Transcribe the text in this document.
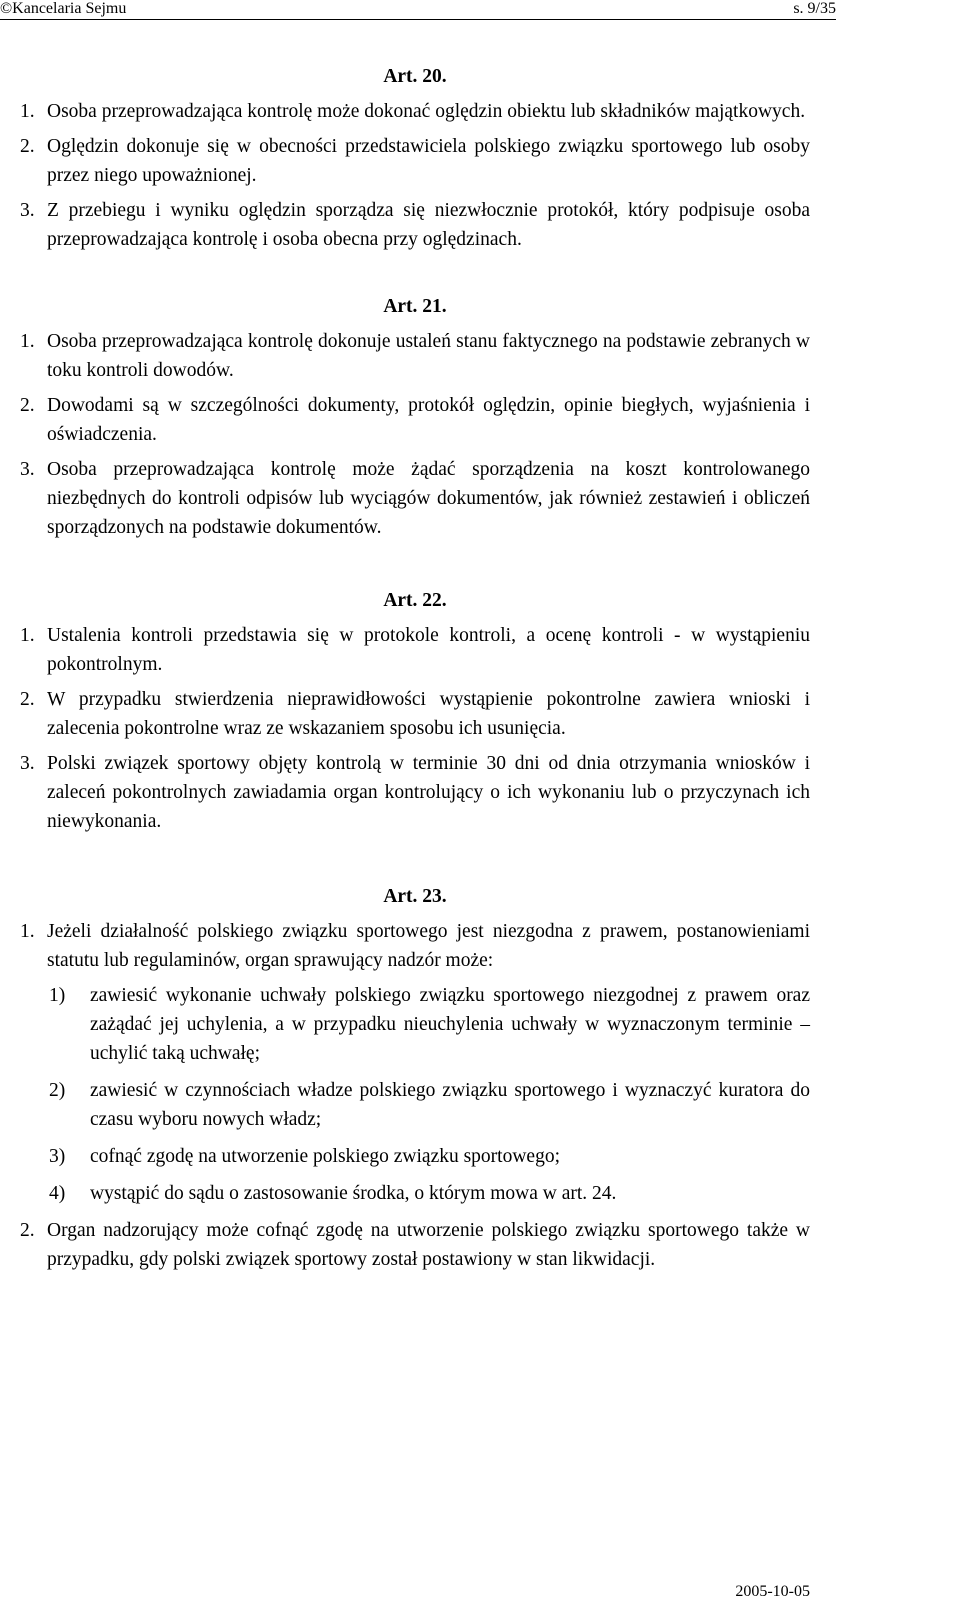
©Kancelaria Sejmu	s. 9/35
Art. 20.

1. Osoba przeprowadzająca kontrolę może dokonać oględzin obiektu lub składników majątkowych.

2. Oględzin dokonuje się w obecności przedstawiciela polskiego związku sportowego lub osoby przez niego upoważnionej.

3. Z przebiegu i wyniku oględzin sporządza się niezwłocznie protokół, który podpisuje osoba przeprowadzająca kontrolę i osoba obecna przy oględzinach.

Art. 21.

1. Osoba przeprowadzająca kontrolę dokonuje ustaleń stanu faktycznego na podstawie zebranych w toku kontroli dowodów.

2. Dowodami są w szczególności dokumenty, protokół oględzin, opinie biegłych, wyjaśnienia i oświadczenia.

3. Osoba przeprowadzająca kontrolę może żądać sporządzenia na koszt kontrolowanego niezbędnych do kontroli odpisów lub wyciągów dokumentów, jak również zestawień i obliczeń sporządzonych na podstawie dokumentów.

Art. 22.

1. Ustalenia kontroli przedstawia się w protokole kontroli, a ocenę kontroli - w wystąpieniu pokontrolnym.

2. W przypadku stwierdzenia nieprawidłowości wystąpienie pokontrolne zawiera wnioski i zalecenia pokontrolne wraz ze wskazaniem sposobu ich usunięcia.

3. Polski związek sportowy objęty kontrolą w terminie 30 dni od dnia otrzymania wniosków i zaleceń pokontrolnych zawiadamia organ kontrolujący o ich wykonaniu lub o przyczynach ich niewykonania.

Art. 23.

1. Jeżeli działalność polskiego związku sportowego jest niezgodna z prawem, postanowieniami statutu lub regulaminów, organ sprawujący nadzór może:

1) zawiesić wykonanie uchwały polskiego związku sportowego niezgodnej z prawem oraz zażądać jej uchylenia, a w przypadku nieuchylenia uchwały w wyznaczonym terminie – uchylić taką uchwałę;

2) zawiesić w czynnościach władze polskiego związku sportowego i wyznaczyć kuratora do czasu wyboru nowych władz;

3) cofnąć zgodę na utworzenie polskiego związku sportowego;

4) wystąpić do sądu o zastosowanie środka, o którym mowa w art. 24.

2. Organ nadzorujący może cofnąć zgodę na utworzenie polskiego związku sportowego także w przypadku, gdy polski związek sportowy został postawiony w stan likwidacji.

2005-10-05
